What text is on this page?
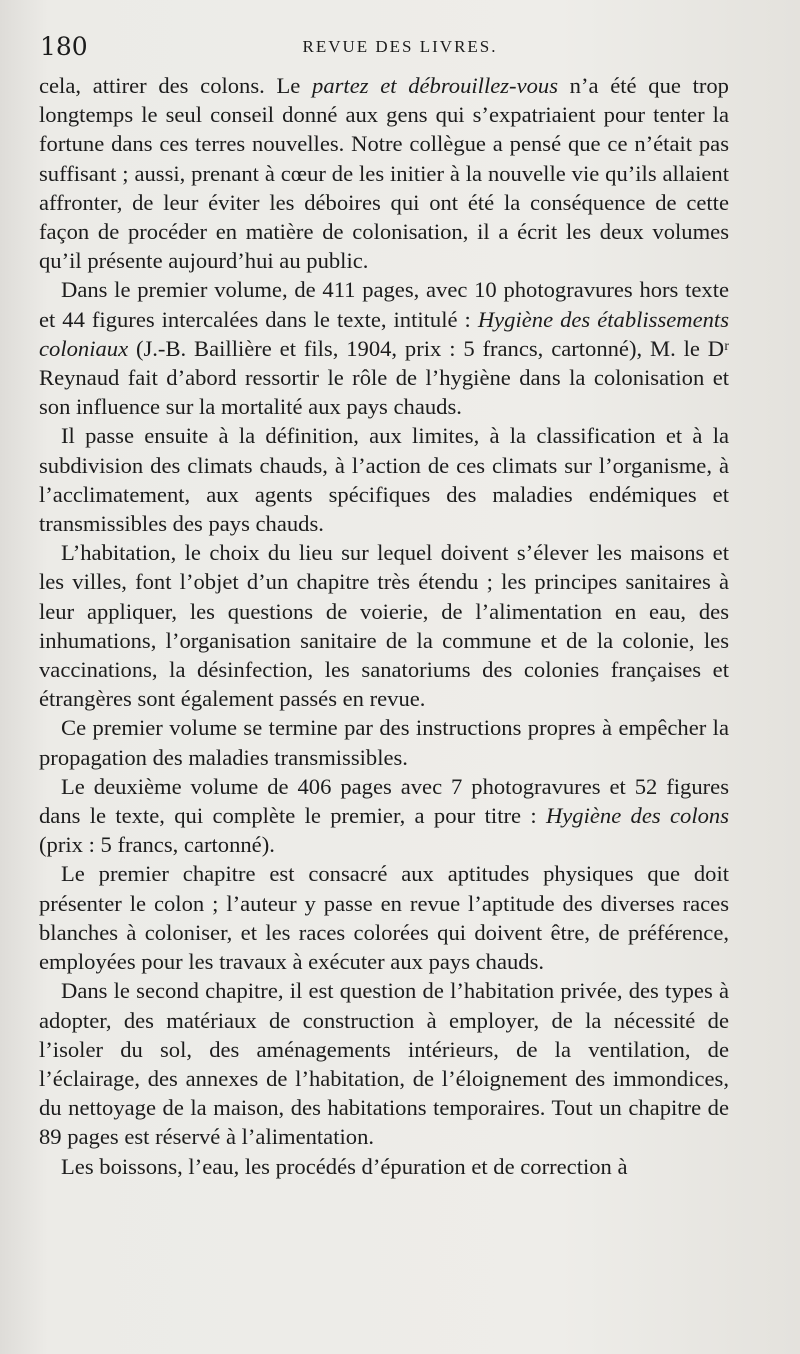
180	REVUE DES LIVRES.

cela, attirer des colons. Le partez et débrouillez-vous n’a été que trop longtemps le seul conseil donné aux gens qui s’expatriaient pour tenter la fortune dans ces terres nouvelles. Notre collègue a pensé que ce n’était pas suffisant ; aussi, prenant à cœur de les initier à la nouvelle vie qu’ils allaient affronter, de leur éviter les déboires qui ont été la conséquence de cette façon de procéder en matière de colonisation, il a écrit les deux volumes qu’il présente aujourd’hui au public.

Dans le premier volume, de 411 pages, avec 10 photogravures hors texte et 44 figures intercalées dans le texte, intitulé : Hygiène des établissements coloniaux (J.-B. Baillière et fils, 1904, prix : 5 francs, cartonné), M. le Dʳ Reynaud fait d’abord ressortir le rôle de l’hygiène dans la colonisation et son influence sur la mortalité aux pays chauds.

Il passe ensuite à la définition, aux limites, à la classification et à la subdivision des climats chauds, à l’action de ces climats sur l’organisme, à l’acclimatement, aux agents spécifiques des maladies endémiques et transmissibles des pays chauds.

L’habitation, le choix du lieu sur lequel doivent s’élever les maisons et les villes, font l’objet d’un chapitre très étendu ; les principes sanitaires à leur appliquer, les questions de voierie, de l’alimentation en eau, des inhumations, l’organisation sanitaire de la commune et de la colonie, les vaccinations, la désinfection, les sanatoriums des colonies françaises et étrangères sont également passés en revue.

Ce premier volume se termine par des instructions propres à empêcher la propagation des maladies transmissibles.

Le deuxième volume de 406 pages avec 7 photogravures et 52 figures dans le texte, qui complète le premier, a pour titre : Hygiène des colons (prix : 5 francs, cartonné).

Le premier chapitre est consacré aux aptitudes physiques que doit présenter le colon ; l’auteur y passe en revue l’aptitude des diverses races blanches à coloniser, et les races colorées qui doivent être, de préférence, employées pour les travaux à exécuter aux pays chauds.

Dans le second chapitre, il est question de l’habitation privée, des types à adopter, des matériaux de construction à employer, de la nécessité de l’isoler du sol, des aménagements intérieurs, de la ventilation, de l’éclairage, des annexes de l’habitation, de l’éloignement des immondices, du nettoyage de la maison, des habitations temporaires. Tout un chapitre de 89 pages est réservé à l’alimentation.

Les boissons, l’eau, les procédés d’épuration et de correction à
